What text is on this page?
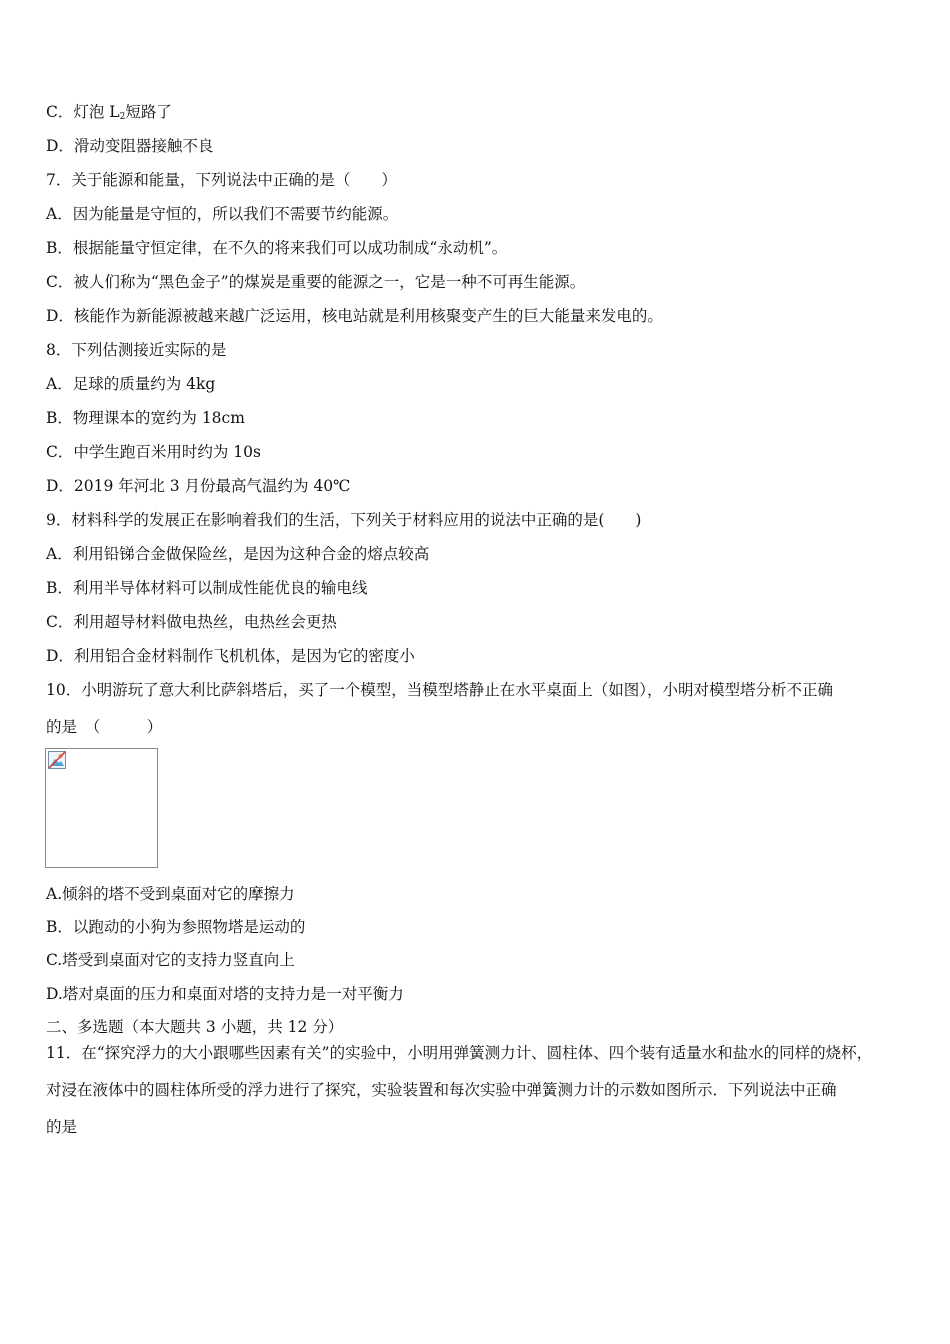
C．灯泡 $L_2$短路了

D．滑动变阻器接触不良

7．关于能源和能量，下列说法中正确的是（　　）

A．因为能量是守恒的，所以我们不需要节约能源。

B．根据能量守恒定律，在不久的将来我们可以成功制成“永动机”。

C．被人们称为“黑色金子”的煤炭是重要的能源之一，它是一种不可再生能源。

D．核能作为新能源被越来越广泛运用，核电站就是利用核聚变产生的巨大能量来发电的。

8．下列估测接近实际的是

A．足球的质量约为 4kg

B．物理课本的宽约为 18cm

C．中学生跑百米用时约为 10s

D．2019 年河北 3 月份最高气温约为 40℃

9．材料科学的发展正在影响着我们的生活，下列关于材料应用的说法中正确的是(　　)

A．利用铅锑合金做保险丝，是因为这种合金的熔点较高

B．利用半导体材料可以制成性能优良的输电线

C．利用超导材料做电热丝，电热丝会更热

D．利用铝合金材料制作飞机机体，是因为它的密度小

10．小明游玩了意大利比萨斜塔后，买了一个模型，当模型塔静止在水平桌面上（如图），小明对模型塔分析不正确

的是　（　　　）

A.倾斜的塔不受到桌面对它的摩擦力

B．以跑动的小狗为参照物塔是运动的

C.塔受到桌面对它的支持力竖直向上

D.塔对桌面的压力和桌面对塔的支持力是一对平衡力

二、多选题（本大题共 3 小题，共 12 分）

11．在“探究浮力的大小跟哪些因素有关”的实验中，小明用弹簧测力计、圆柱体、四个装有适量水和盐水的同样的烧杯，

对浸在液体中的圆柱体所受的浮力进行了探究，实验装置和每次实验中弹簧测力计的示数如图所示．下列说法中正确

的是
